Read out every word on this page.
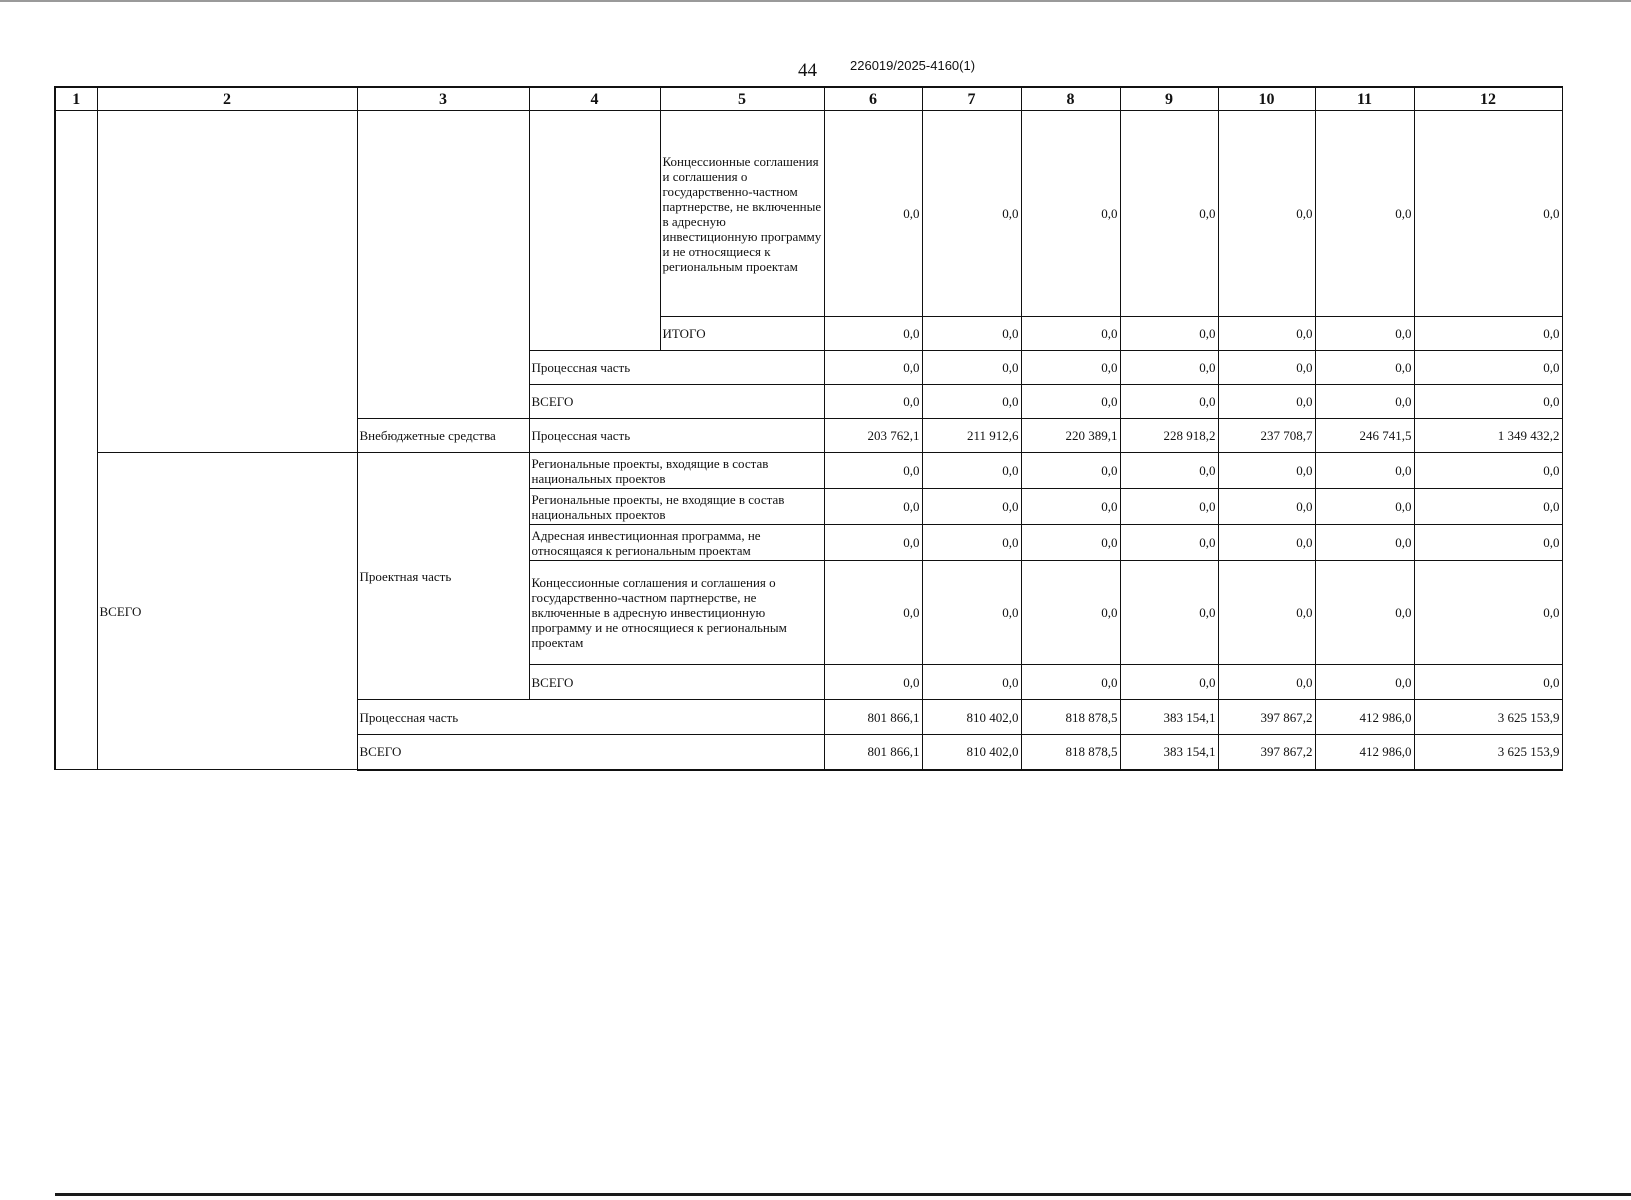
44	226019/2025-4160(1)
1	2	3	4	5	6	7	8	9	10	11	12
				Концессионные соглашения и соглашения о государственно-частном партнерстве, не включенные в адресную инвестиционную программу и не относящиеся к региональным проектам	0,0	0,0	0,0	0,0	0,0	0,0	0,0
				ИТОГО	0,0	0,0	0,0	0,0	0,0	0,0	0,0
			Процессная часть		0,0	0,0	0,0	0,0	0,0	0,0	0,0
			ВСЕГО		0,0	0,0	0,0	0,0	0,0	0,0	0,0
		Внебюджетные средства	Процессная часть		203 762,1	211 912,6	220 389,1	228 918,2	237 708,7	246 741,5	1 349 432,2
	ВСЕГО	Проектная часть	Региональные проекты, входящие в состав национальных проектов		0,0	0,0	0,0	0,0	0,0	0,0	0,0
			Региональные проекты, не входящие в состав национальных проектов		0,0	0,0	0,0	0,0	0,0	0,0	0,0
			Адресная инвестиционная программа, не относящаяся к региональным проектам		0,0	0,0	0,0	0,0	0,0	0,0	0,0
			Концессионные соглашения и соглашения о государственно-частном партнерстве, не включенные в адресную инвестиционную программу и не относящиеся к региональным проектам		0,0	0,0	0,0	0,0	0,0	0,0	0,0
			ВСЕГО		0,0	0,0	0,0	0,0	0,0	0,0	0,0
		Процессная часть			801 866,1	810 402,0	818 878,5	383 154,1	397 867,2	412 986,0	3 625 153,9
		ВСЕГО			801 866,1	810 402,0	818 878,5	383 154,1	397 867,2	412 986,0	3 625 153,9
